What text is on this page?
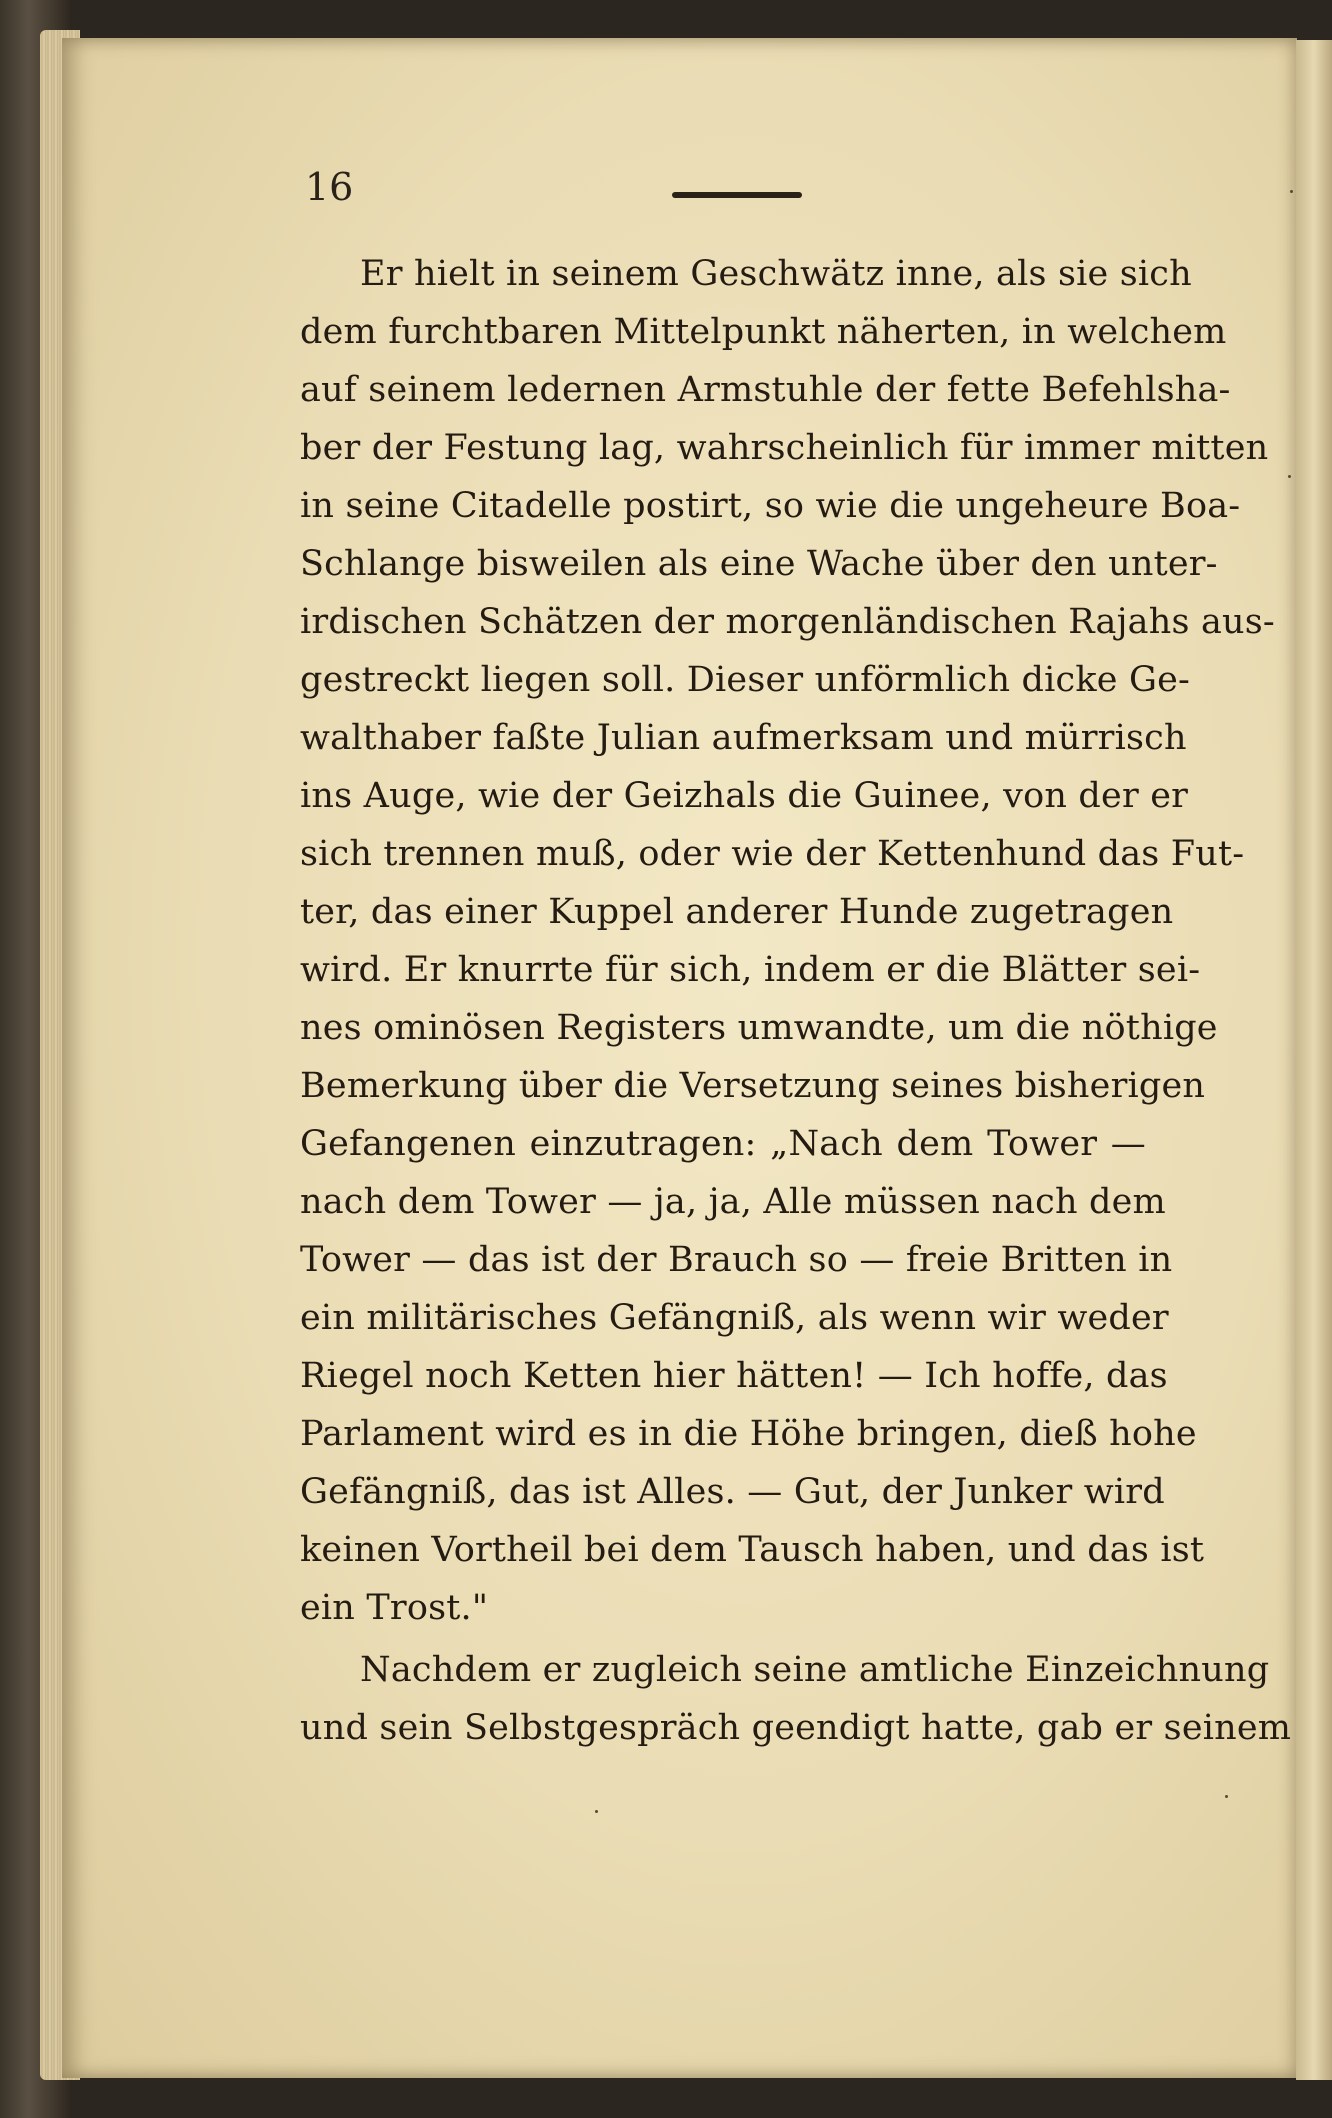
16
Er hielt in seinem Geschwätz inne, als sie sich
dem furchtbaren Mittelpunkt näherten, in welchem
auf seinem ledernen Armstuhle der fette Befehlsha-
ber der Festung lag, wahrscheinlich für immer mitten
in seine Citadelle postirt, so wie die ungeheure Boa-
Schlange bisweilen als eine Wache über den unter-
irdischen Schätzen der morgenländischen Rajahs aus-
gestreckt liegen soll. Dieser unförmlich dicke Ge-
walthaber faßte Julian aufmerksam und mürrisch
ins Auge, wie der Geizhals die Guinee, von der er
sich trennen muß, oder wie der Kettenhund das Fut-
ter, das einer Kuppel anderer Hunde zugetragen
wird. Er knurrte für sich, indem er die Blätter sei-
nes ominösen Registers umwandte, um die nöthige
Bemerkung über die Versetzung seines bisherigen
Gefangenen einzutragen: „Nach dem Tower —
nach dem Tower — ja, ja, Alle müssen nach dem
Tower — das ist der Brauch so — freie Britten in
ein militärisches Gefängniß, als wenn wir weder
Riegel noch Ketten hier hätten! — Ich hoffe, das
Parlament wird es in die Höhe bringen, dieß hohe
Gefängniß, das ist Alles. — Gut, der Junker wird
keinen Vortheil bei dem Tausch haben, und das ist
ein Trost."
Nachdem er zugleich seine amtliche Einzeichnung
und sein Selbstgespräch geendigt hatte, gab er seinem
